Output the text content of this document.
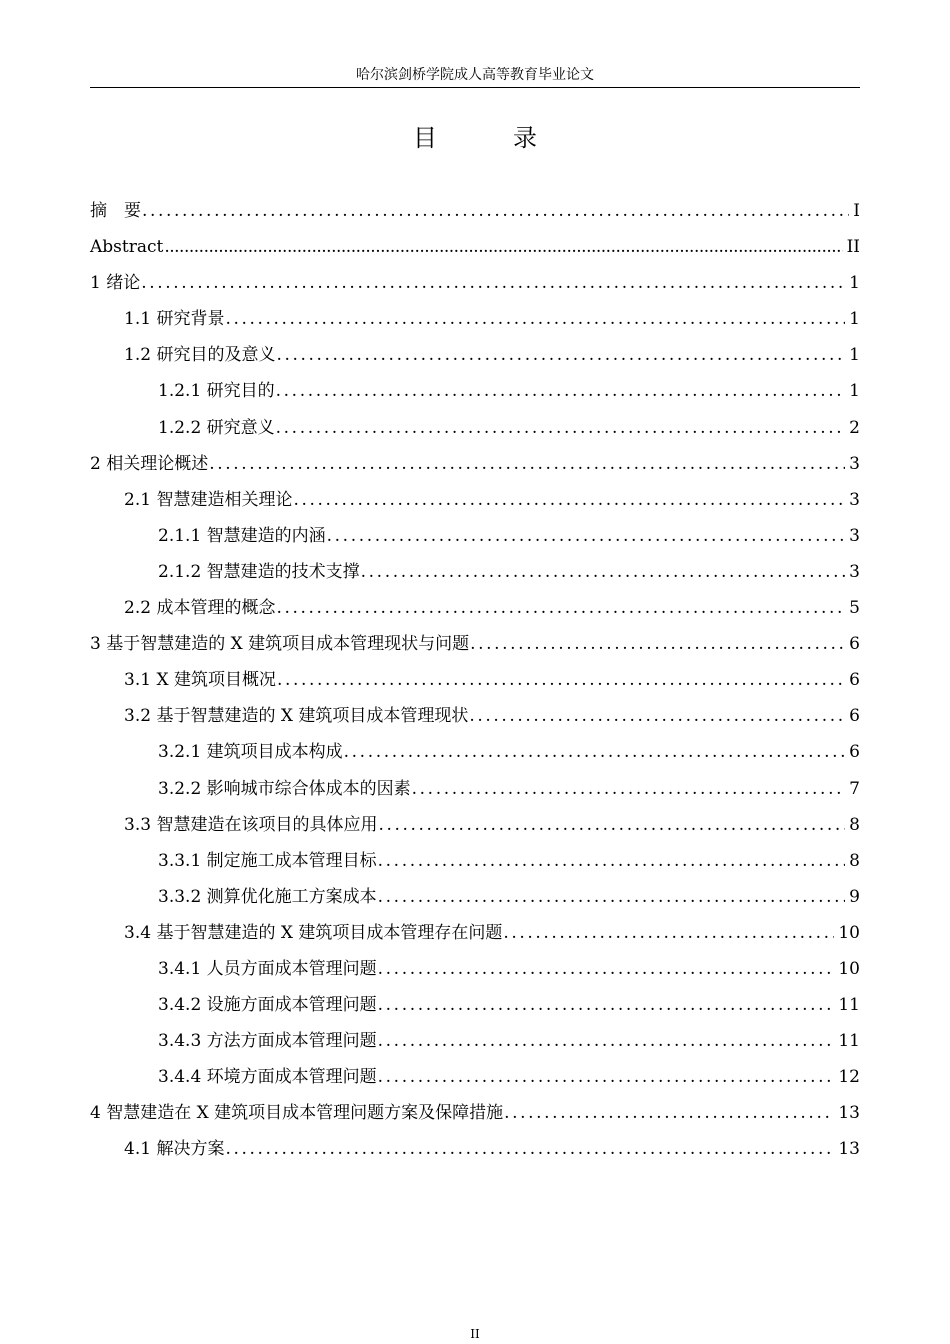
哈尔滨剑桥学院成人高等教育毕业论文
目　录
摘　要 . . .	I
Abstract .....	II
1 绪论 . . .	1
1.1 研究背景 . . .	1
1.2 研究目的及意义 . . .	1
1.2.1 研究目的 . . .	1
1.2.2 研究意义 . . .	2
2 相关理论概述 . . .	3
2.1 智慧建造相关理论 . . .	3
2.1.1 智慧建造的内涵 . . .	3
2.1.2 智慧建造的技术支撑 . . .	3
2.2 成本管理的概念 . . .	5
3 基于智慧建造的 X 建筑项目成本管理现状与问题 . . .	6
3.1 X 建筑项目概况 . . .	6
3.2 基于智慧建造的 X 建筑项目成本管理现状 . . .	6
3.2.1 建筑项目成本构成 . . .	6
3.2.2 影响城市综合体成本的因素 . . .	7
3.3 智慧建造在该项目的具体应用 . . .	8
3.3.1 制定施工成本管理目标 . . .	8
3.3.2 测算优化施工方案成本 . . .	9
3.4 基于智慧建造的 X 建筑项目成本管理存在问题 . . .	10
3.4.1 人员方面成本管理问题 . . .	10
3.4.2 设施方面成本管理问题 . . .	11
3.4.3 方法方面成本管理问题 . . .	11
3.4.4 环境方面成本管理问题 . . .	12
4 智慧建造在 X 建筑项目成本管理问题方案及保障措施 . . .	13
4.1 解决方案 . . .	13
II
